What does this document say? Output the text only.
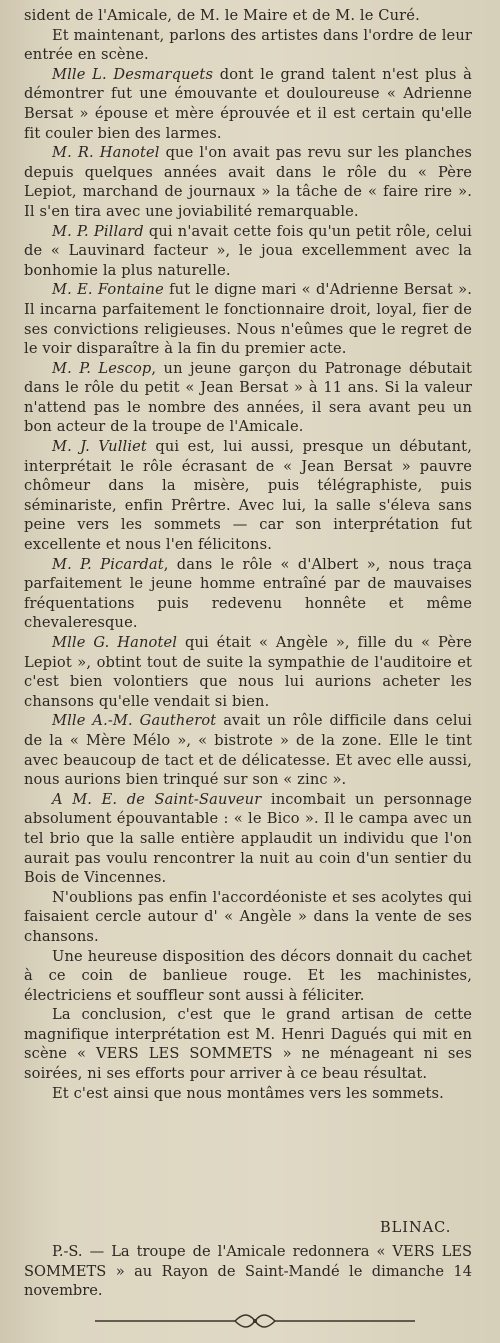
sident de l'Amicale, de M. le Maire et de M. le Curé.

Et maintenant, parlons des artistes dans l'ordre de leur entrée en scène.

Mlle L. Desmarquets dont le grand talent n'est plus à démontrer fut une émouvante et douloureuse « Adrienne Bersat » épouse et mère éprouvée et il est certain qu'elle fit couler bien des larmes.

M. R. Hanotel que l'on avait pas revu sur les planches depuis quelques années avait dans le rôle du « Père Lepiot, marchand de journaux » la tâche de « faire rire ». Il s'en tira avec une joviabilité remarquable.

M. P. Pillard qui n'avait cette fois qu'un petit rôle, celui de « Lauvinard facteur », le joua excellemment avec la bonhomie la plus naturelle.

M. E. Fontaine fut le digne mari « d'Adrienne Bersat ». Il incarna parfaitement le fonctionnaire droit, loyal, fier de ses convictions religieuses. Nous n'eûmes que le regret de le voir disparaître à la fin du premier acte.

M. P. Lescop, un jeune garçon du Patronage débutait dans le rôle du petit « Jean Bersat » à 11 ans. Si la valeur n'attend pas le nombre des années, il sera avant peu un bon acteur de la troupe de l'Amicale.

M. J. Vulliet qui est, lui aussi, presque un débutant, interprétait le rôle écrasant de « Jean Bersat » pauvre chômeur dans la misère, puis télégraphiste, puis séminariste, enfin Prêrtre. Avec lui, la salle s'éleva sans peine vers les sommets — car son interprétation fut excellente et nous l'en félicitons.

M. P. Picardat, dans le rôle « d'Albert », nous traça parfaitement le jeune homme entraîné par de mauvaises fréquentations puis redevenu honnête et même chevaleresque.

Mlle G. Hanotel qui était « Angèle », fille du « Père Lepiot », obtint tout de suite la sympathie de l'auditoire et c'est bien volontiers que nous lui aurions acheter les chansons qu'elle vendait si bien.

Mlle A.-M. Gautherot avait un rôle difficile dans celui de la « Mère Mélo », « bistrote » de la zone. Elle le tint avec beaucoup de tact et de délicatesse. Et avec elle aussi, nous aurions bien trinqué sur son « zinc ».

A M. E. de Saint-Sauveur incombait un personnage absolument épouvantable : « le Bico ». Il le campa avec un tel brio que la salle entière applaudit un individu que l'on aurait pas voulu rencontrer la nuit au coin d'un sentier du Bois de Vincennes.

N'oublions pas enfin l'accordéoniste et ses acolytes qui faisaient cercle autour d' « Angèle » dans la vente de ses chansons.

Une heureuse disposition des décors donnait du cachet à ce coin de banlieue rouge. Et les machinistes, électriciens et souffleur sont aussi à féliciter.

La conclusion, c'est que le grand artisan de cette magnifique interprétation est M. Henri Dagués qui mit en scène « VERS LES SOMMETS » ne ménageant ni ses soirées, ni ses efforts pour arriver à ce beau résultat.

Et c'est ainsi que nous montâmes vers les sommets.

BLINAC.
P.-S. — La troupe de l'Amicale redonnera « VERS LES SOMMETS » au Rayon de Saint-Mandé le dimanche 14 novembre.
